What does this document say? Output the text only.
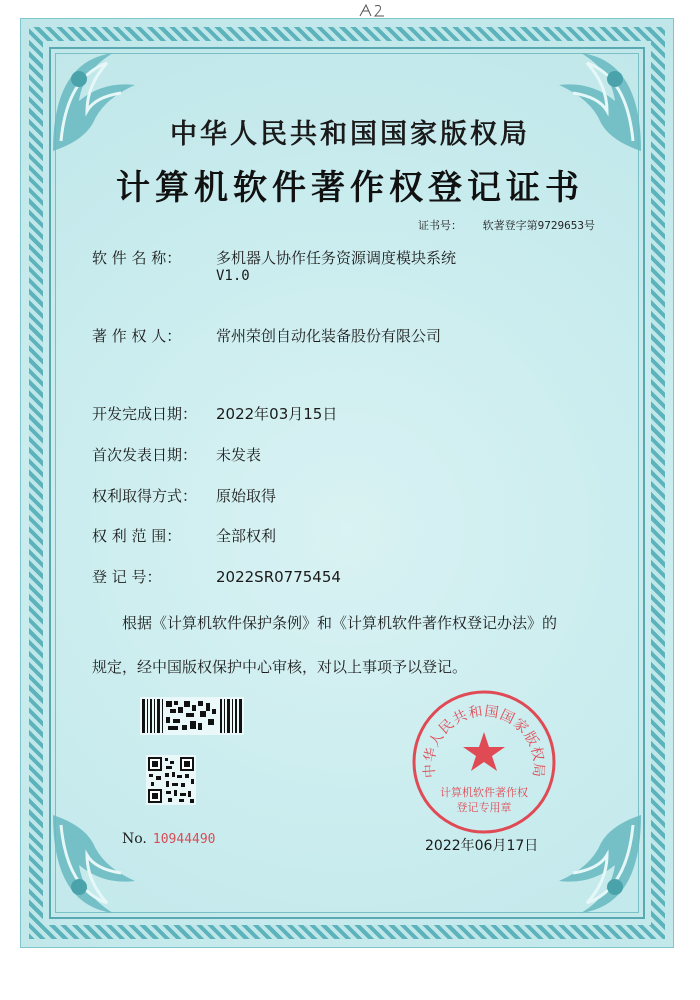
中华人民共和国国家版权局
计算机软件著作权登记证书
证书号： 软著登字第9729653号
软 件 名 称： 多机器人协作任务资源调度模块系统
V1.0
著 作 权 人： 常州荣创自动化装备股份有限公司
开发完成日期： 2022年03月15日
首次发表日期： 未发表
权利取得方式： 原始取得
权 利 范 围： 全部权利
登 记 号：	2022SR0775454
根据《计算机软件保护条例》和《计算机软件著作权登记办法》的
规定，经中国版权保护中心审核，对以上事项予以登记。
No. 10944490
中华人民共和国国家版权局
计算机软件著作权
登记专用章
2022年06月17日
